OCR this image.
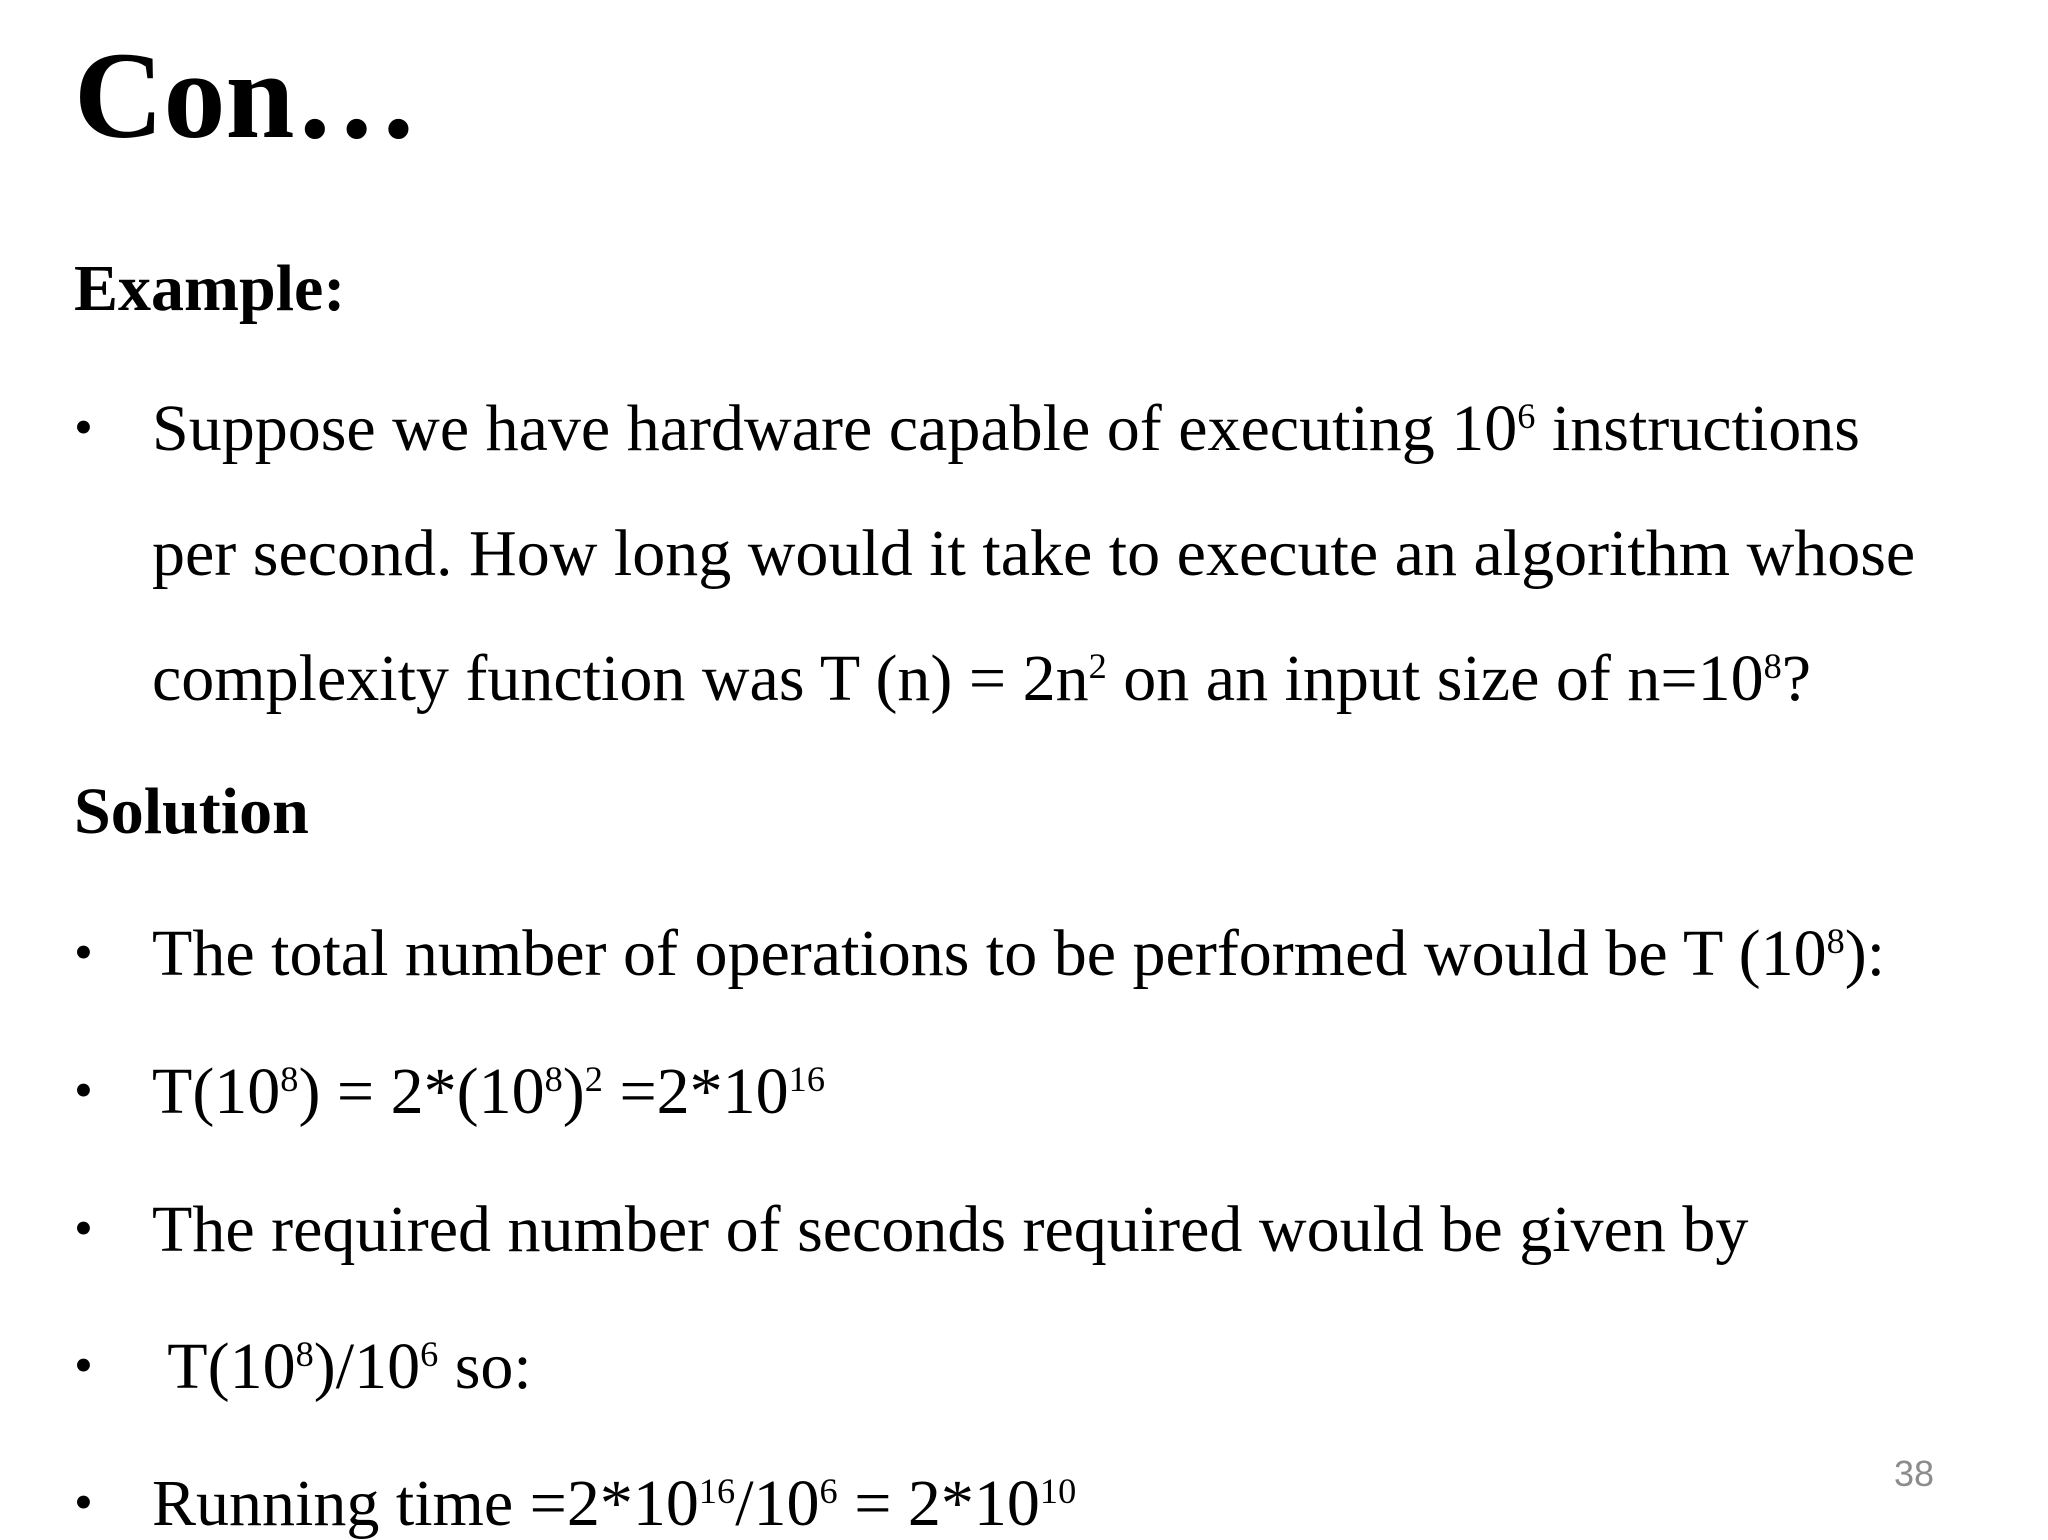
Con…
Example:
• Suppose we have hardware capable of executing $10^6$ instructions
per second. How long would it take to execute an algorithm whose
complexity function was T $(n) = 2n^2$ on an input size of $n=10^8$?
Solution
• The total number of operations to be performed would be T $(10^8)$:
• $T(10^8) = 2*(10^8)^2 =2*10^{16}$
• The required number of seconds required would be given by
• $T(10^8)/10^6$ so:
• Running time $=2*10^{16}/10^6 = 2*10^{10}$	38
